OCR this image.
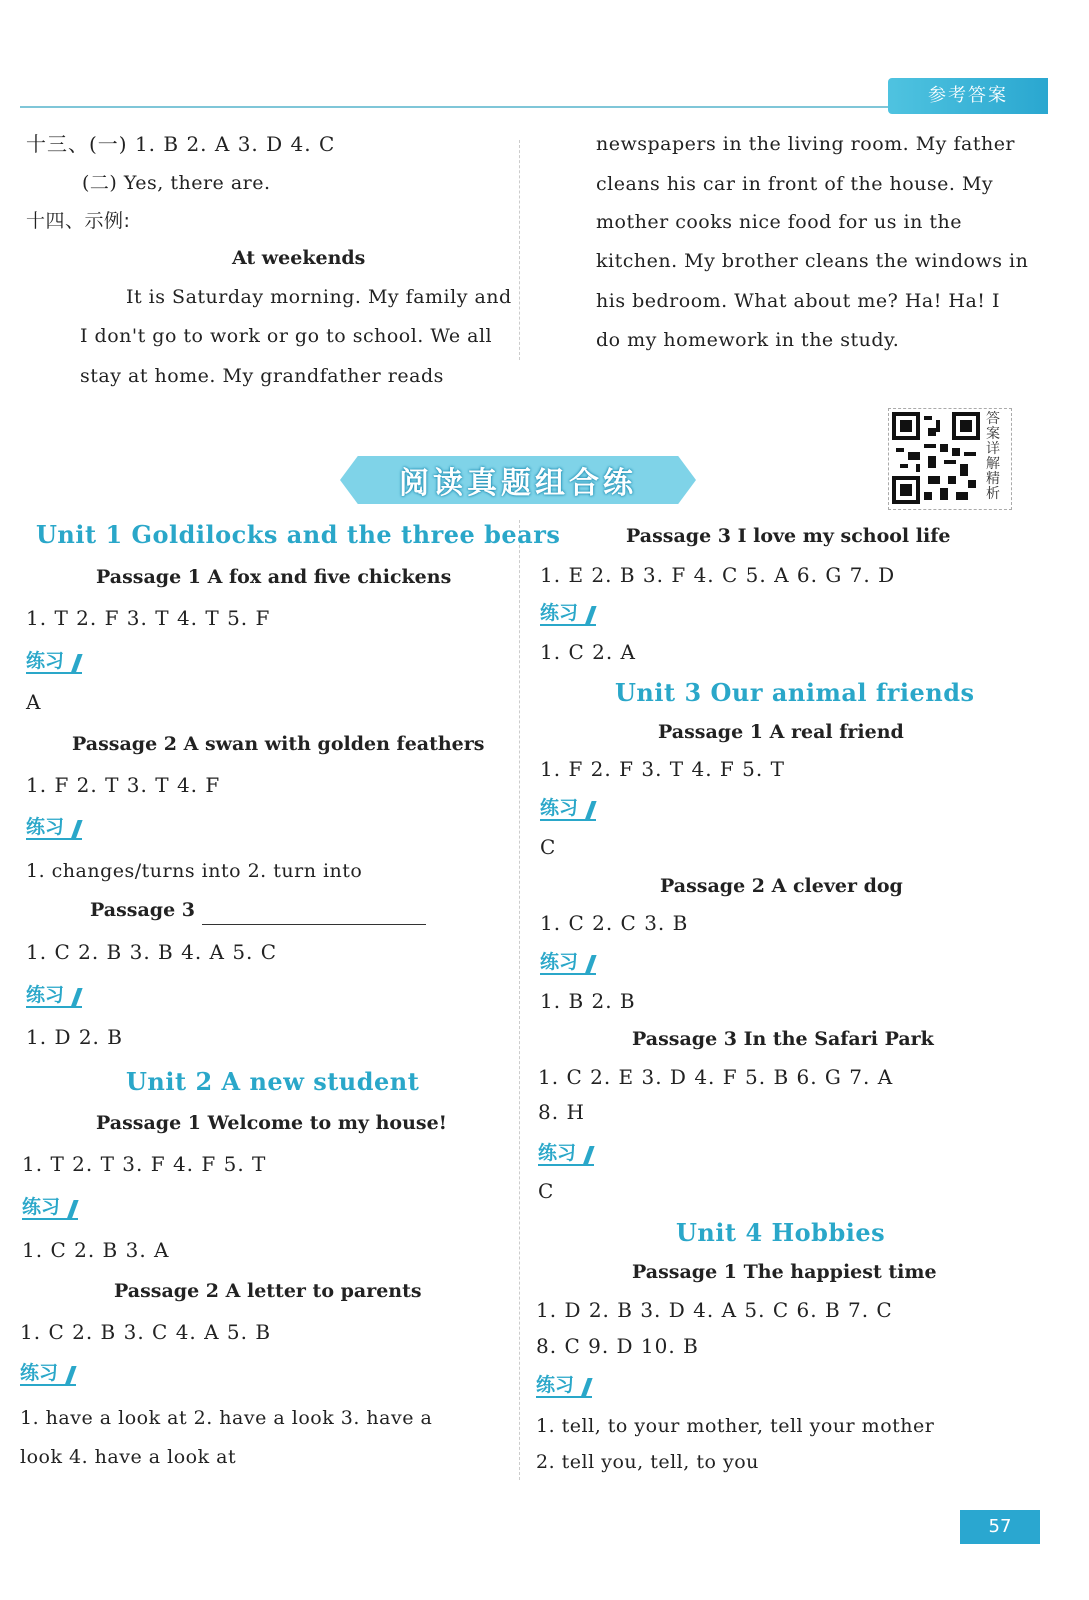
参考答案
十三、(一) 1. B 2. A 3. D 4. C
(二) Yes, there are.
十四、示例:
At weekends
It is Saturday morning. My family and
I don't go to work or go to school. We all
stay at home. My grandfather reads
newspapers in the living room. My father
cleans his car in front of the house. My
mother cooks nice food for us in the
kitchen. My brother cleans the windows in
his bedroom. What about me? Ha! Ha! I
do my homework in the study.
答案详解精析
阅读真题组合练
Unit 1 Goldilocks and the three bears
Passage 1 A fox and five chickens
1. T 2. F 3. T 4. T 5. F
练习
A
Passage 2 A swan with golden feathers
1. F 2. T 3. T 4. F
练习
1. changes/turns into 2. turn into
Passage 3
1. C 2. B 3. B 4. A 5. C
练习
1. D 2. B
Unit 2 A new student
Passage 1 Welcome to my house!
1. T 2. T 3. F 4. F 5. T
练习
1. C 2. B 3. A
Passage 2 A letter to parents
1. C 2. B 3. C 4. A 5. B
练习
1. have a look at 2. have a look 3. have a
look 4. have a look at
Passage 3 I love my school life
1. E 2. B 3. F 4. C 5. A 6. G 7. D
练习
1. C 2. A
Unit 3 Our animal friends
Passage 1 A real friend
1. F 2. F 3. T 4. F 5. T
练习
C
Passage 2 A clever dog
1. C 2. C 3. B
练习
1. B 2. B
Passage 3 In the Safari Park
1. C 2. E 3. D 4. F 5. B 6. G 7. A
8. H
练习
C
Unit 4 Hobbies
Passage 1 The happiest time
1. D 2. B 3. D 4. A 5. C 6. B 7. C
8. C 9. D 10. B
练习
1. tell, to your mother, tell your mother
2. tell you, tell, to you
57
